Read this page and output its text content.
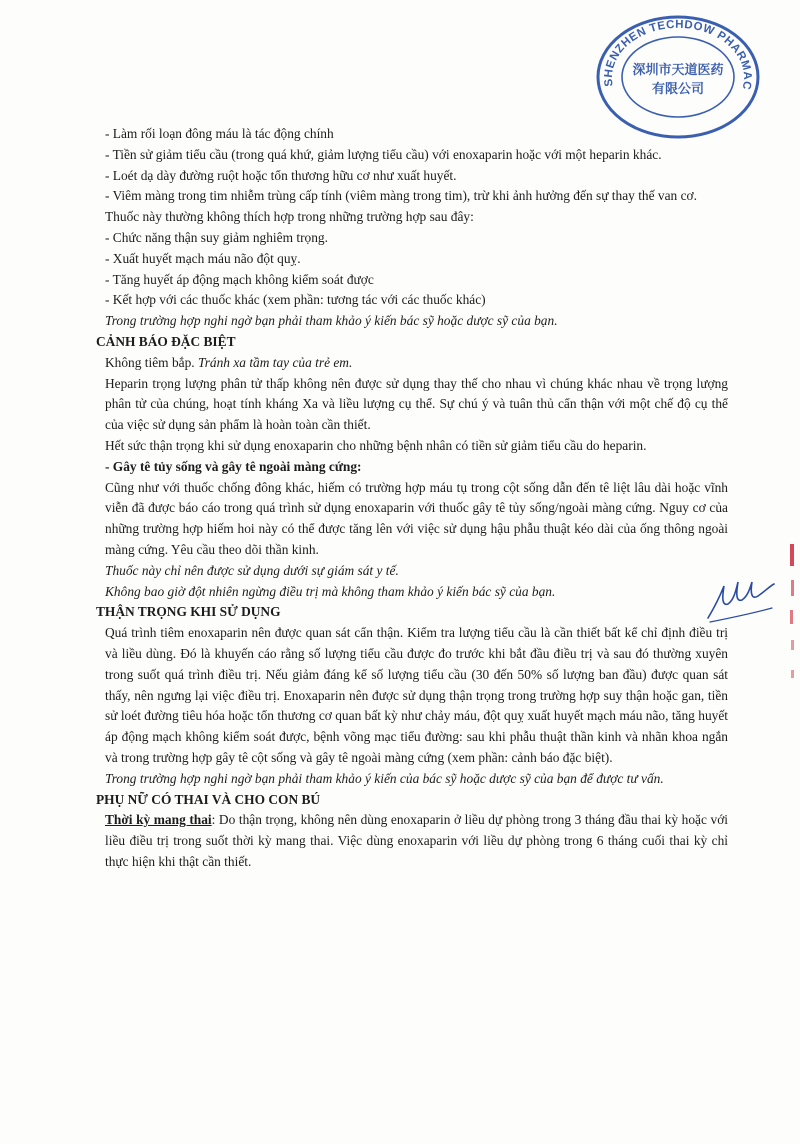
SHENZHEN TECHDOW PHARMAC
深圳市天道医药
有限公司

- Làm rối loạn đông máu là tác động chính

- Tiền sử giảm tiểu cầu (trong quá khứ, giảm lượng tiểu cầu) với enoxaparin hoặc với một heparin khác.

- Loét dạ dày đường ruột hoặc tổn thương hữu cơ như xuất huyết.

- Viêm màng trong tim nhiễm trùng cấp tính (viêm màng trong tim), trừ khi ảnh hưởng đến sự thay thế van cơ.

Thuốc này thường không thích hợp trong những trường hợp sau đây:

- Chức năng thận suy giảm nghiêm trọng.

- Xuất huyết mạch máu não đột quỵ.

- Tăng huyết áp động mạch không kiểm soát được

- Kết hợp với các thuốc khác (xem phần: tương tác với các thuốc khác)

Trong trường hợp nghi ngờ bạn phải tham khảo ý kiến bác sỹ hoặc dược sỹ của bạn.

CẢNH BÁO ĐẶC BIỆT

Không tiêm bắp. Tránh xa tầm tay của trẻ em.

Heparin trọng lượng phân tử thấp không nên được sử dụng thay thế cho nhau vì chúng khác nhau về trọng lượng phân tử của chúng, hoạt tính kháng Xa và liều lượng cụ thể. Sự chú ý và tuân thủ cẩn thận với một chế độ cụ thể của việc sử dụng sản phẩm là hoàn toàn cần thiết.

Hết sức thận trọng khi sử dụng enoxaparin cho những bệnh nhân có tiền sử giảm tiểu cầu do heparin.

- Gây tê tủy sống và gây tê ngoài màng cứng:

Cũng như với thuốc chống đông khác, hiếm có trường hợp máu tụ trong cột sống dẫn đến tê liệt lâu dài hoặc vĩnh viễn đã được báo cáo trong quá trình sử dụng enoxaparin với thuốc gây tê tủy sống/ngoài màng cứng. Nguy cơ của những trường hợp hiếm hoi này có thể được tăng lên với việc sử dụng hậu phẫu thuật kéo dài của ống thông ngoài màng cứng. Yêu cầu theo dõi thần kinh.

Thuốc này chỉ nên được sử dụng dưới sự giám sát y tế.

Không bao giờ đột nhiên ngừng điều trị mà không tham khảo ý kiến bác sỹ của bạn.

THẬN TRỌNG KHI SỬ DỤNG

Quá trình tiêm enoxaparin nên được quan sát cẩn thận. Kiểm tra lượng tiểu cầu là cần thiết bất kể chỉ định điều trị và liều dùng. Đó là khuyến cáo rằng số lượng tiểu cầu được đo trước khi bắt đầu điều trị và sau đó thường xuyên trong suốt quá trình điều trị. Nếu giảm đáng kể số lượng tiểu cầu (30 đến 50% số lượng ban đầu) được quan sát thấy, nên ngưng lại việc điều trị. Enoxaparin nên được sử dụng thận trọng trong trường hợp suy thận hoặc gan, tiền sử loét đường tiêu hóa hoặc tổn thương cơ quan bất kỳ như chảy máu, đột quỵ xuất huyết mạch máu não, tăng huyết áp động mạch không kiểm soát được, bệnh võng mạc tiểu đường: sau khi phẫu thuật thần kinh và nhãn khoa ngắn và trong trường hợp gây tê cột sống và gây tê ngoài màng cứng (xem phần: cảnh báo đặc biệt).

Trong trường hợp nghi ngờ bạn phải tham khảo ý kiến của bác sỹ hoặc dược sỹ của bạn để được tư vấn.

PHỤ NỮ CÓ THAI VÀ CHO CON BÚ

Thời kỳ mang thai: Do thận trọng, không nên dùng enoxaparin ở liều dự phòng trong 3 tháng đầu thai kỳ hoặc với liều điều trị trong suốt thời kỳ mang thai. Việc dùng enoxaparin với liều dự phòng trong 6 tháng cuối thai kỳ chỉ thực hiện khi thật cần thiết.
